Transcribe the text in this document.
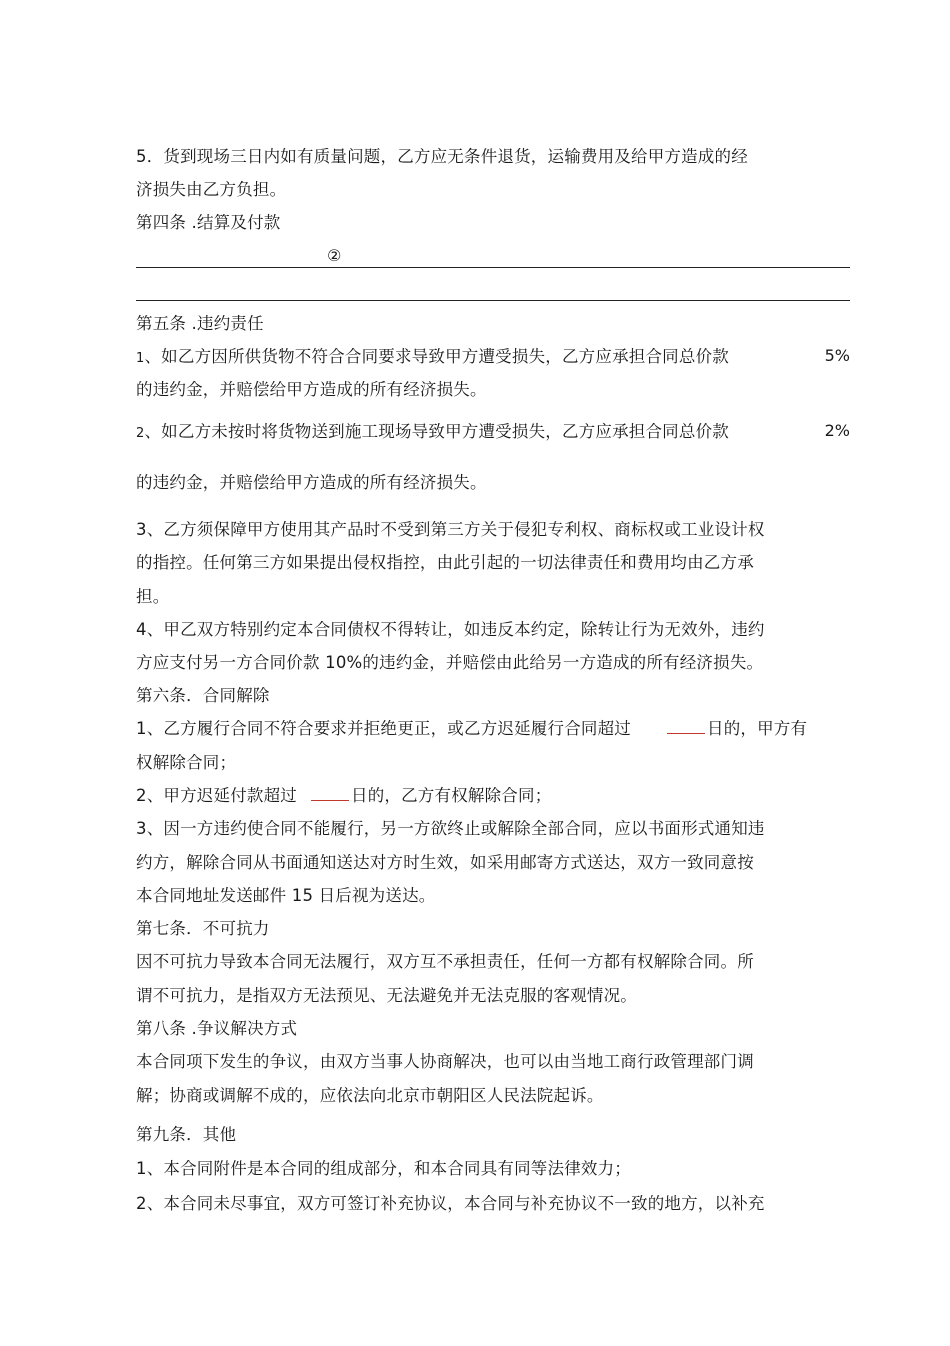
5．货到现场三日内如有质量问题，乙方应无条件退货，运输费用及给甲方造成的经
济损失由乙方负担。
第四条 .结算及付款
②
第五条 .违约责任
1、如乙方因所供货物不符合合同要求导致甲方遭受损失，乙方应承担合同总价款	5%
的违约金，并赔偿给甲方造成的所有经济损失。
2、如乙方未按时将货物送到施工现场导致甲方遭受损失，乙方应承担合同总价款	2%
的违约金，并赔偿给甲方造成的所有经济损失。
3、乙方须保障甲方使用其产品时不受到第三方关于侵犯专利权、商标权或工业设计权
的指控。任何第三方如果提出侵权指控，由此引起的一切法律责任和费用均由乙方承
担。
4、甲乙双方特别约定本合同债权不得转让，如违反本约定，除转让行为无效外，违约
方应支付另一方合同价款 10%的违约金，并赔偿由此给另一方造成的所有经济损失。
第六条．合同解除
1、乙方履行合同不符合要求并拒绝更正，或乙方迟延履行合同超过	日的，甲方有
权解除合同；
2、甲方迟延付款超过	日的，乙方有权解除合同；
3、因一方违约使合同不能履行，另一方欲终止或解除全部合同，应以书面形式通知违
约方，解除合同从书面通知送达对方时生效，如采用邮寄方式送达，双方一致同意按
本合同地址发送邮件 15 日后视为送达。
第七条．不可抗力
因不可抗力导致本合同无法履行，双方互不承担责任，任何一方都有权解除合同。所
谓不可抗力，是指双方无法预见、无法避免并无法克服的客观情况。
第八条 .争议解决方式
本合同项下发生的争议，由双方当事人协商解决，也可以由当地工商行政管理部门调
解；协商或调解不成的，应依法向北京市朝阳区人民法院起诉。
第九条．其他
1、本合同附件是本合同的组成部分，和本合同具有同等法律效力；
2、本合同未尽事宜，双方可签订补充协议，本合同与补充协议不一致的地方，以补充
